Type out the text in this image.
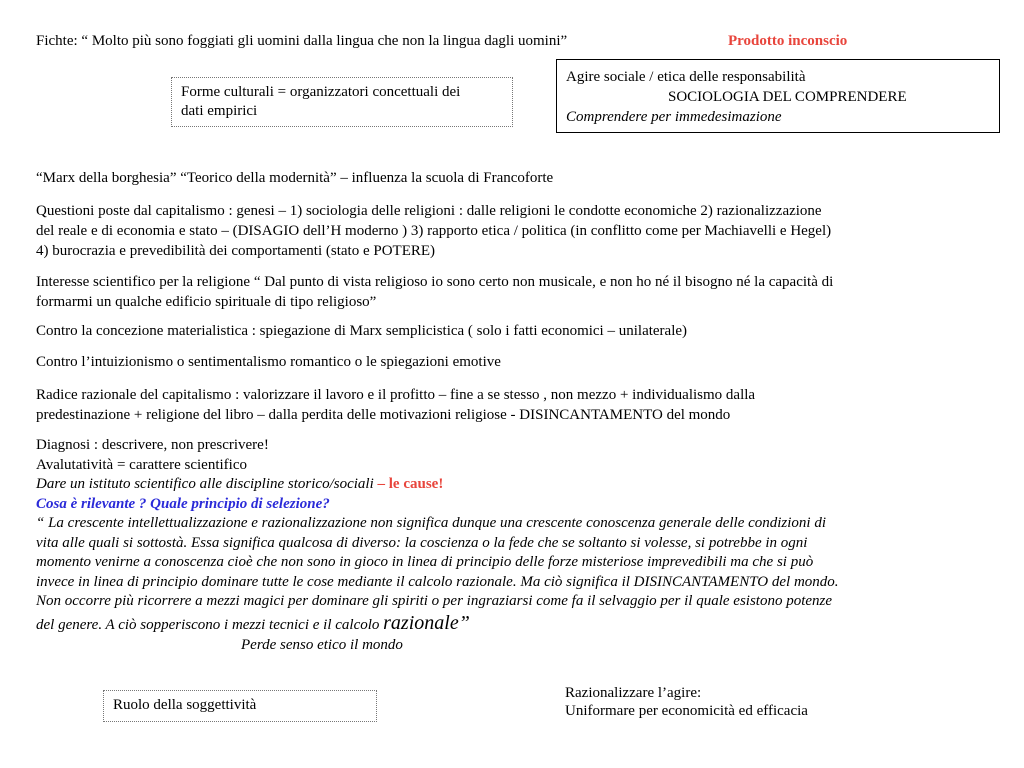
Fichte: “ Molto più sono foggiati gli uomini dalla lingua che non la lingua dagli uomini”	Prodotto inconscio
Forme culturali = organizzatori concettuali dei
dati empirici
Agire sociale / etica delle responsabilità
SOCIOLOGIA DEL COMPRENDERE
Comprendere per immedesimazione
“Marx della borghesia” “Teorico della modernità” – influenza la scuola di Francoforte
Questioni poste dal capitalismo : genesi – 1) sociologia delle religioni : dalle religioni le condotte economiche 2) razionalizzazione
del reale e di economia e stato – (DISAGIO dell’H moderno ) 3) rapporto etica / politica (in conflitto come per Machiavelli e Hegel)
4) burocrazia e prevedibilità dei comportamenti (stato e POTERE)
Interesse scientifico per la religione “ Dal punto di vista religioso io sono certo non musicale, e non ho né il bisogno né la capacità di
formarmi un qualche edificio spirituale di tipo religioso”
Contro la concezione materialistica : spiegazione di Marx semplicistica ( solo i fatti economici – unilaterale)
Contro l’intuizionismo o sentimentalismo romantico o le spiegazioni emotive
Radice razionale del capitalismo : valorizzare il lavoro e il profitto – fine a se stesso , non mezzo + individualismo dalla
predestinazione + religione del libro – dalla perdita delle motivazioni religiose - DISINCANTAMENTO del mondo
Diagnosi : descrivere, non prescrivere!
Avalutatività = carattere scientifico
Dare un istituto scientifico alle discipline storico/sociali – le cause!
Cosa è rilevante ? Quale principio di selezione?
“ La crescente intellettualizzazione e razionalizzazione non significa dunque una crescente conoscenza generale delle condizioni di
vita alle quali si sottostà. Essa significa qualcosa di diverso: la coscienza o la fede che se soltanto si volesse, si potrebbe in ogni
momento venirne a conoscenza cioè che non sono in gioco in linea di principio delle forze misteriose imprevedibili ma che si può
invece in linea di principio dominare tutte le cose mediante il calcolo razionale. Ma ciò significa il DISINCANTAMENTO del mondo.
Non occorre più ricorrere a mezzi magici per dominare gli spiriti o per ingraziarsi come fa il selvaggio per il quale esistono potenze
del genere. A ciò sopperiscono i mezzi tecnici e il calcolo razionale”
Perde senso etico il mondo
Ruolo della soggettività
Razionalizzare l’agire:
Uniformare per economicità ed efficacia
